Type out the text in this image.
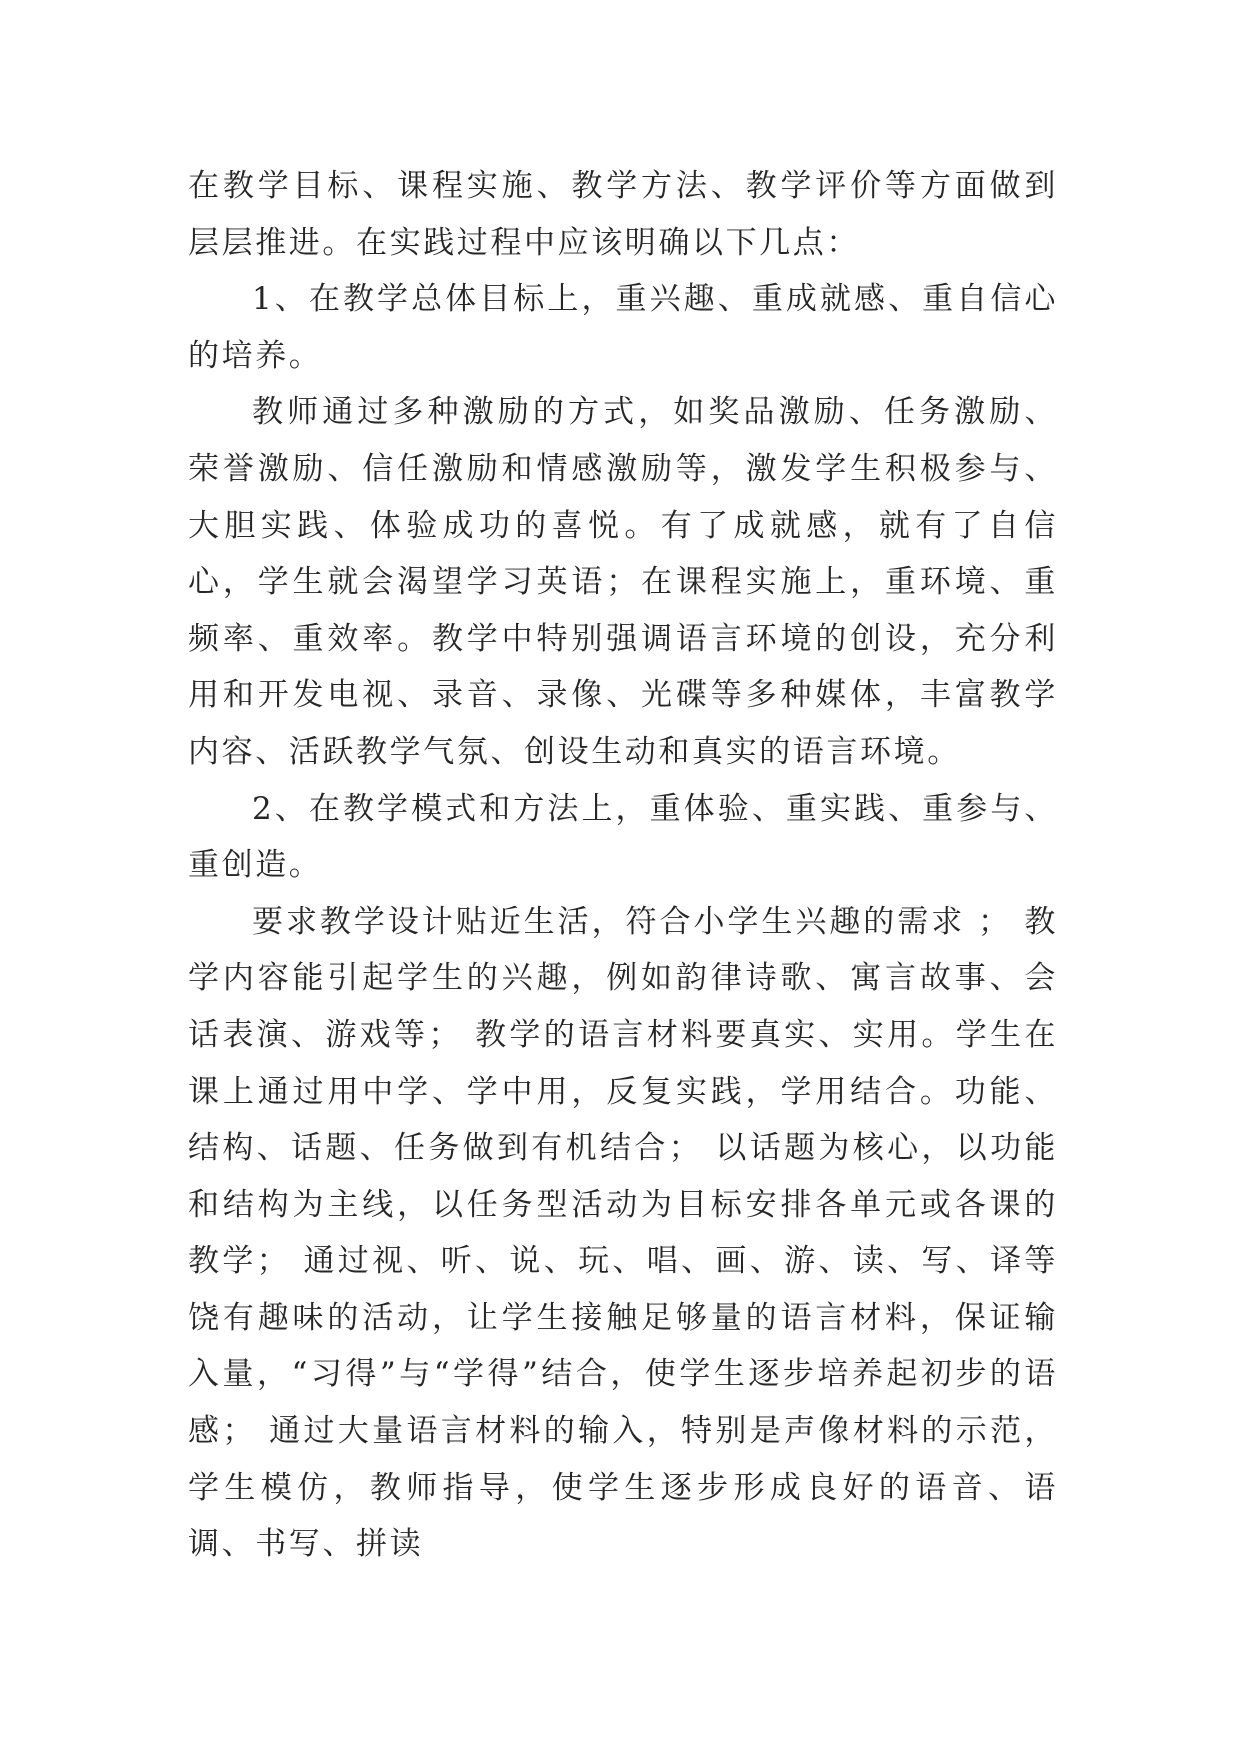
在教学目标、课程实施、教学方法、教学评价等方面做到层层推进。在实践过程中应该明确以下几点：

1、在教学总体目标上，重兴趣、重成就感、重自信心的培养。

教师通过多种激励的方式，如奖品激励、任务激励、荣誉激励、信任激励和情感激励等，激发学生积极参与、大胆实践、体验成功的喜悦。有了成就感，就有了自信心，学生就会渴望学习英语；在课程实施上，重环境、重频率、重效率。教学中特别强调语言环境的创设，充分利用和开发电视、录音、录像、光碟等多种媒体，丰富教学内容、活跃教学气氛、创设生动和真实的语言环境。

2、在教学模式和方法上，重体验、重实践、重参与、重创造。

要求教学设计贴近生活，符合小学生兴趣的需求 ； 教学内容能引起学生的兴趣，例如韵律诗歌、寓言故事、会话表演、游戏等； 教学的语言材料要真实、实用。学生在课上通过用中学、学中用，反复实践，学用结合。功能、结构、话题、任务做到有机结合； 以话题为核心，以功能和结构为主线，以任务型活动为目标安排各单元或各课的教学； 通过视、听、说、玩、唱、画、游、读、写、译等饶有趣味的活动，让学生接触足够量的语言材料，保证输入量，“习得”与“学得”结合，使学生逐步培养起初步的语感； 通过大量语言材料的输入，特别是声像材料的示范，学生模仿，教师指导，使学生逐步形成良好的语音、语调、书写、拼读
